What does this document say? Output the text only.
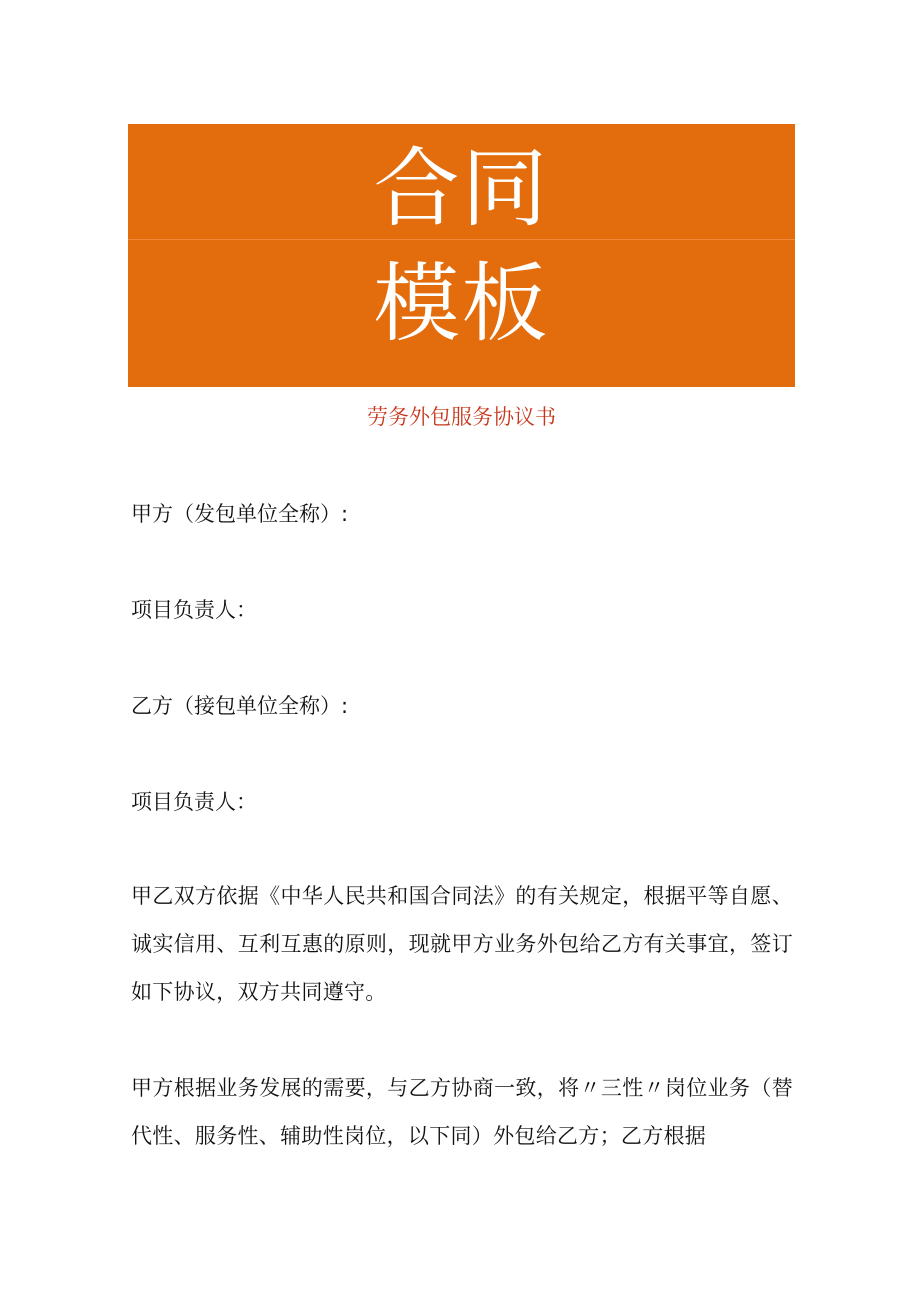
合同
模板
劳务外包服务协议书
甲方（发包单位全称）:
项目负责人：
乙方（接包单位全称）:
项目负责人：
甲乙双方依据《中华人民共和国合同法》的有关规定，根据平等自愿、诚实信用、互利互惠的原则，现就甲方业务外包给乙方有关事宜，签订如下协议，双方共同遵守。
甲方根据业务发展的需要，与乙方协商一致，将〃三性〃岗位业务（替代性、服务性、辅助性岗位，以下同）外包给乙方；乙方根据
